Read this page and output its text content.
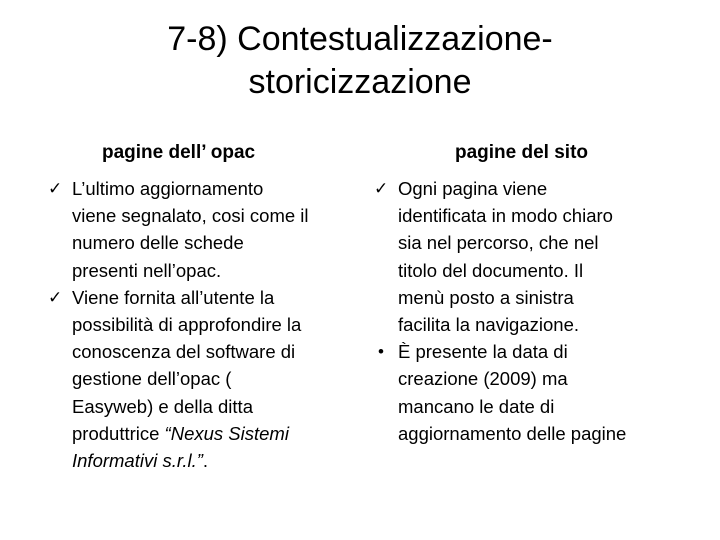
7-8) Contestualizzazione-
storicizzazione
pagine dell’ opac	pagine del sito
✓ L’ultimo aggiornamento
viene segnalato, cosi come il
numero delle schede
presenti nell’opac.
✓ Viene fornita all’utente la
possibilità di approfondire la
conoscenza del software di
gestione dell’opac (
Easyweb) e della ditta
produttrice “Nexus Sistemi
Informativi s.r.l.”.
✓ Ogni pagina viene
identificata in modo chiaro
sia nel percorso, che nel
titolo del documento. Il
menù posto a sinistra
facilita la navigazione.
• È presente la data di
creazione (2009) ma
mancano le date di
aggiornamento delle pagine
